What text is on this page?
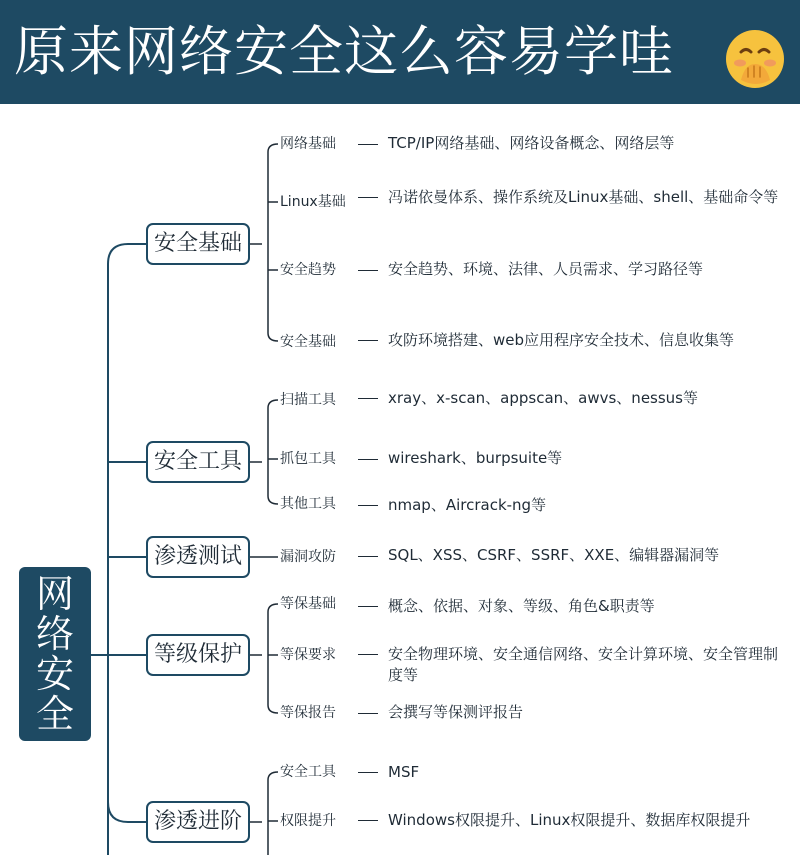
原来网络安全这么容易学哇
网络安全
安全基础
安全工具
渗透测试
等级保护
渗透进阶
网络基础	TCP/IP网络基础、网络设备概念、网络层等
Linux基础	冯诺依曼体系、操作系统及Linux基础、shell、基础命令等
安全趋势	安全趋势、环境、法律、人员需求、学习路径等
安全基础	攻防环境搭建、web应用程序安全技术、信息收集等
扫描工具	xray、x-scan、appscan、awvs、nessus等
抓包工具	wireshark、burpsuite等
其他工具	nmap、Aircrack-ng等
漏洞攻防	SQL、XSS、CSRF、SSRF、XXE、编辑器漏洞等
等保基础	概念、依据、对象、等级、角色&职责等
等保要求	安全物理环境、安全通信网络、安全计算环境、安全管理制度等
等保报告	会撰写等保测评报告
安全工具	MSF
权限提升	Windows权限提升、Linux权限提升、数据库权限提升
